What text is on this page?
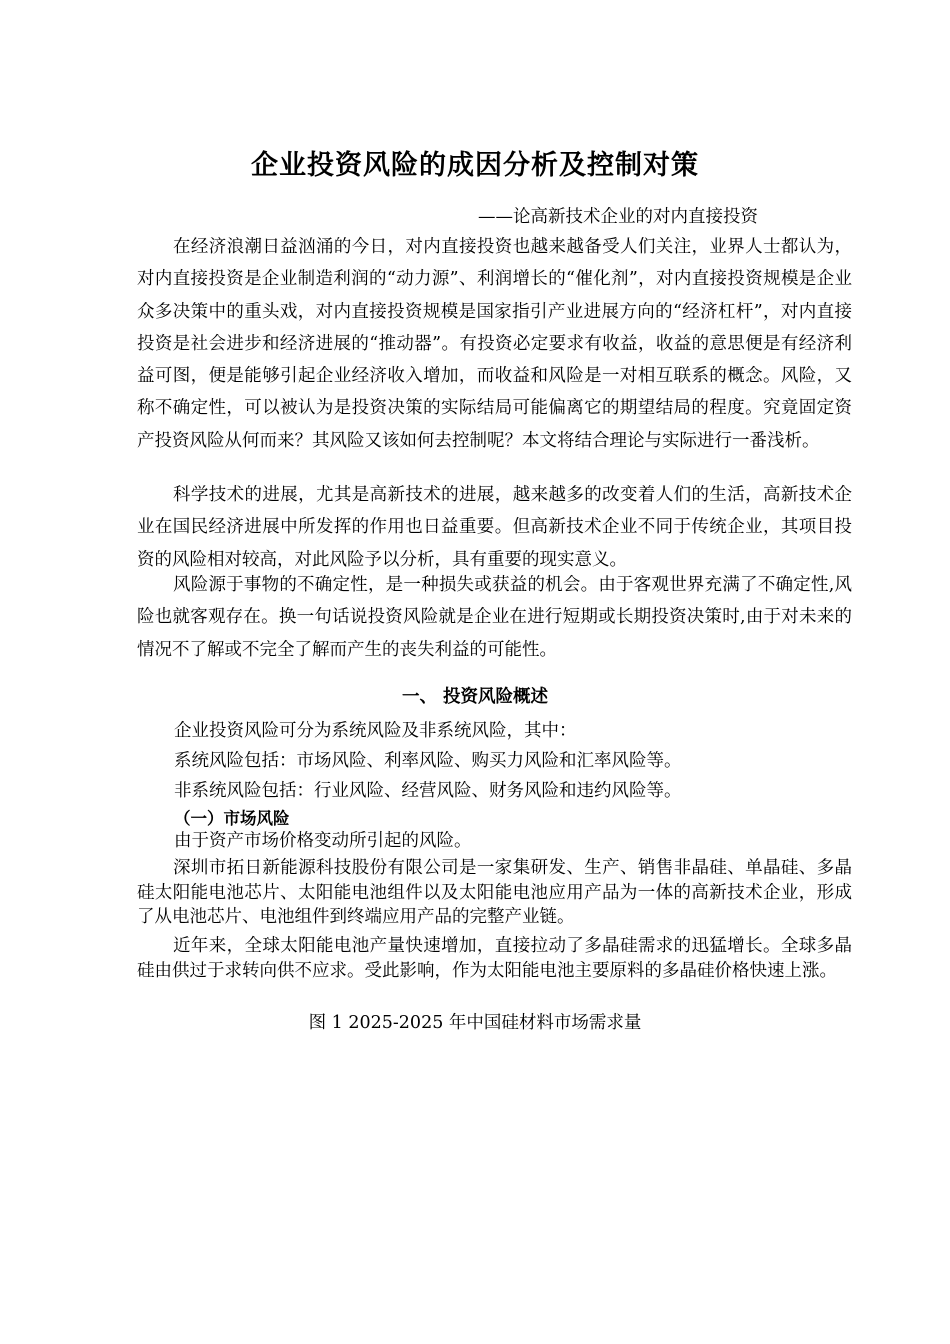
企业投资风险的成因分析及控制对策
——论高新技术企业的对内直接投资

在经济浪潮日益汹涌的今日，对内直接投资也越来越备受人们关注，业界人士都认为，对内直接投资是企业制造利润的“动力源”、利润增长的“催化剂”，对内直接投资规模是企业众多决策中的重头戏，对内直接投资规模是国家指引产业进展方向的“经济杠杆”，对内直接投资是社会进步和经济进展的“推动器”。有投资必定要求有收益，收益的意思便是有经济利益可图，便是能够引起企业经济收入增加，而收益和风险是一对相互联系的概念。风险，又称不确定性，可以被认为是投资决策的实际结局可能偏离它的期望结局的程度。究竟固定资产投资风险从何而来？其风险又该如何去控制呢？本文将结合理论与实际进行一番浅析。

科学技术的进展，尤其是高新技术的进展，越来越多的改变着人们的生活，高新技术企业在国民经济进展中所发挥的作用也日益重要。但高新技术企业不同于传统企业，其项目投资的风险相对较高，对此风险予以分析，具有重要的现实意义。

风险源于事物的不确定性，是一种损失或获益的机会。由于客观世界充满了不确定性,风险也就客观存在。换一句话说投资风险就是企业在进行短期或长期投资决策时,由于对未来的情况不了解或不完全了解而产生的丧失利益的可能性。

一、 投资风险概述
企业投资风险可分为系统风险及非系统风险，其中：
系统风险包括：市场风险、利率风险、购买力风险和汇率风险等。
非系统风险包括：行业风险、经营风险、财务风险和违约风险等。
（一）市场风险
由于资产市场价格变动所引起的风险。

深圳市拓日新能源科技股份有限公司是一家集研发、生产、销售非晶硅、单晶硅、多晶硅太阳能电池芯片、太阳能电池组件以及太阳能电池应用产品为一体的高新技术企业，形成了从电池芯片、电池组件到终端应用产品的完整产业链。

近年来，全球太阳能电池产量快速增加，直接拉动了多晶硅需求的迅猛增长。全球多晶硅由供过于求转向供不应求。受此影响，作为太阳能电池主要原料的多晶硅价格快速上涨。

图 1 2025-2025 年中国硅材料市场需求量
